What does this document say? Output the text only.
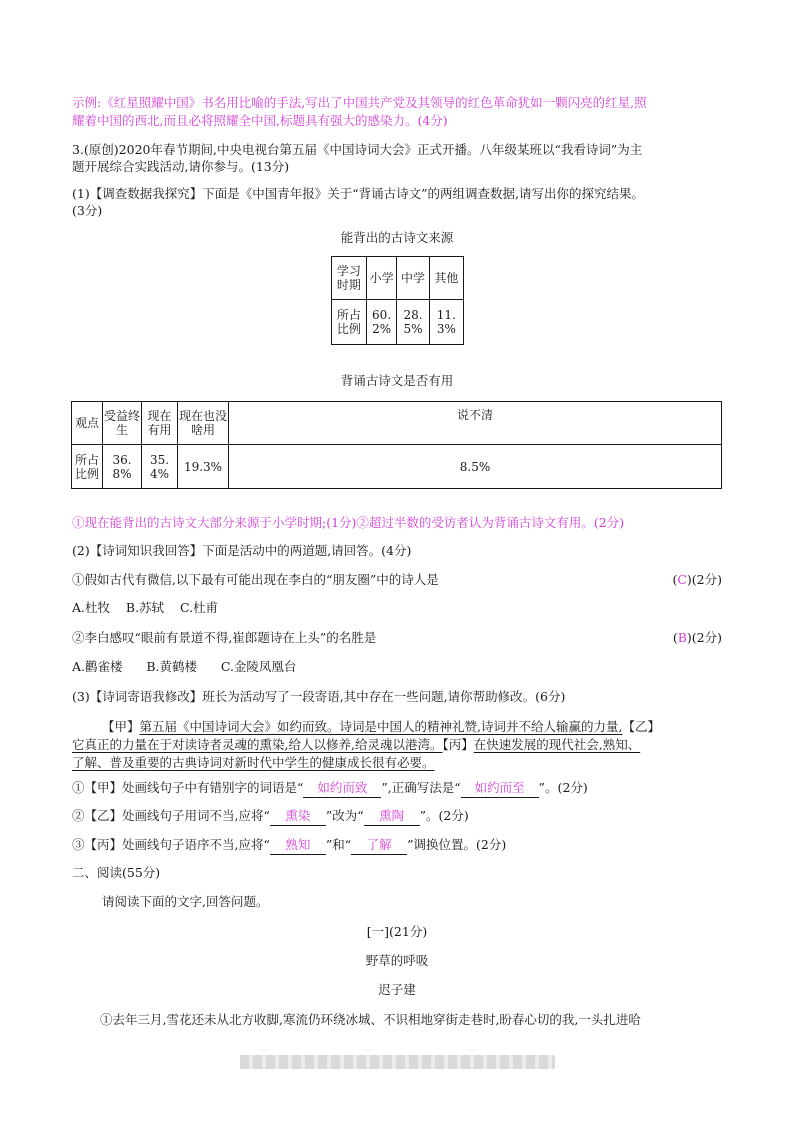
示例:《红星照耀中国》书名用比喻的手法,写出了中国共产党及其领导的红色革命犹如一颗闪亮的红星,照
耀着中国的西北,而且必将照耀全中国,标题具有强大的感染力。(4分)
3.(原创)2020年春节期间,中央电视台第五届《中国诗词大会》正式开播。八年级某班以“我看诗词”为主
题开展综合实践活动,请你参与。(13分)
(1)【调查数据我探究】下面是《中国青年报》关于“背诵古诗文”的两组调查数据,请写出你的探究结果。
(3分)
能背出的古诗文来源
学习时期	小学	中学	其他
所占比例	60.2%	28.5%	11.3%
背诵古诗文是否有用
观点	受益终生	现在有用	现在也没啥用	说不清
所占比例	36.8%	35.4%	19.3%	8.5%
①现在能背出的古诗文大部分来源于小学时期;(1分)②超过半数的受访者认为背诵古诗文有用。(2分)
(2)【诗词知识我回答】下面是活动中的两道题,请回答。(4分)
①假如古代有微信,以下最有可能出现在李白的“朋友圈”中的诗人是	(C)(2分)
A.杜牧    B.苏轼    C.杜甫
②李白感叹“眼前有景道不得,崔郎题诗在上头”的名胜是	(B)(2分)
A.鹳雀楼      B.黄鹤楼      C.金陵凤凰台
(3)【诗词寄语我修改】班长为活动写了一段寄语,其中存在一些问题,请你帮助修改。(6分)
【甲】第五届《中国诗词大会》如约而致。诗词是中国人的精神礼赞,诗词并不给人输赢的力量,【乙】
它真正的力量在于对读诗者灵魂的熏染,给人以修养,给灵魂以港湾。【丙】在快速发展的现代社会,熟知、
了解、普及重要的古典诗词对新时代中学生的健康成长很有必要。
①【甲】处画线句子中有错别字的词语是“ 如约而致 ”,正确写法是“ 如约而至 ”。(2分)
②【乙】处画线句子用词不当,应将“ 熏染 ”改为“ 熏陶 ”。(2分)
③【丙】处画线句子语序不当,应将“ 熟知 ”和“ 了解 ”调换位置。(2分)
二、阅读(55分)
请阅读下面的文字,回答问题。
[一](21分)
野草的呼吸
迟子建
①去年三月,雪花还未从北方收脚,寒流仍环绕冰城、不识相地穿街走巷时,盼春心切的我,一头扎进哈
